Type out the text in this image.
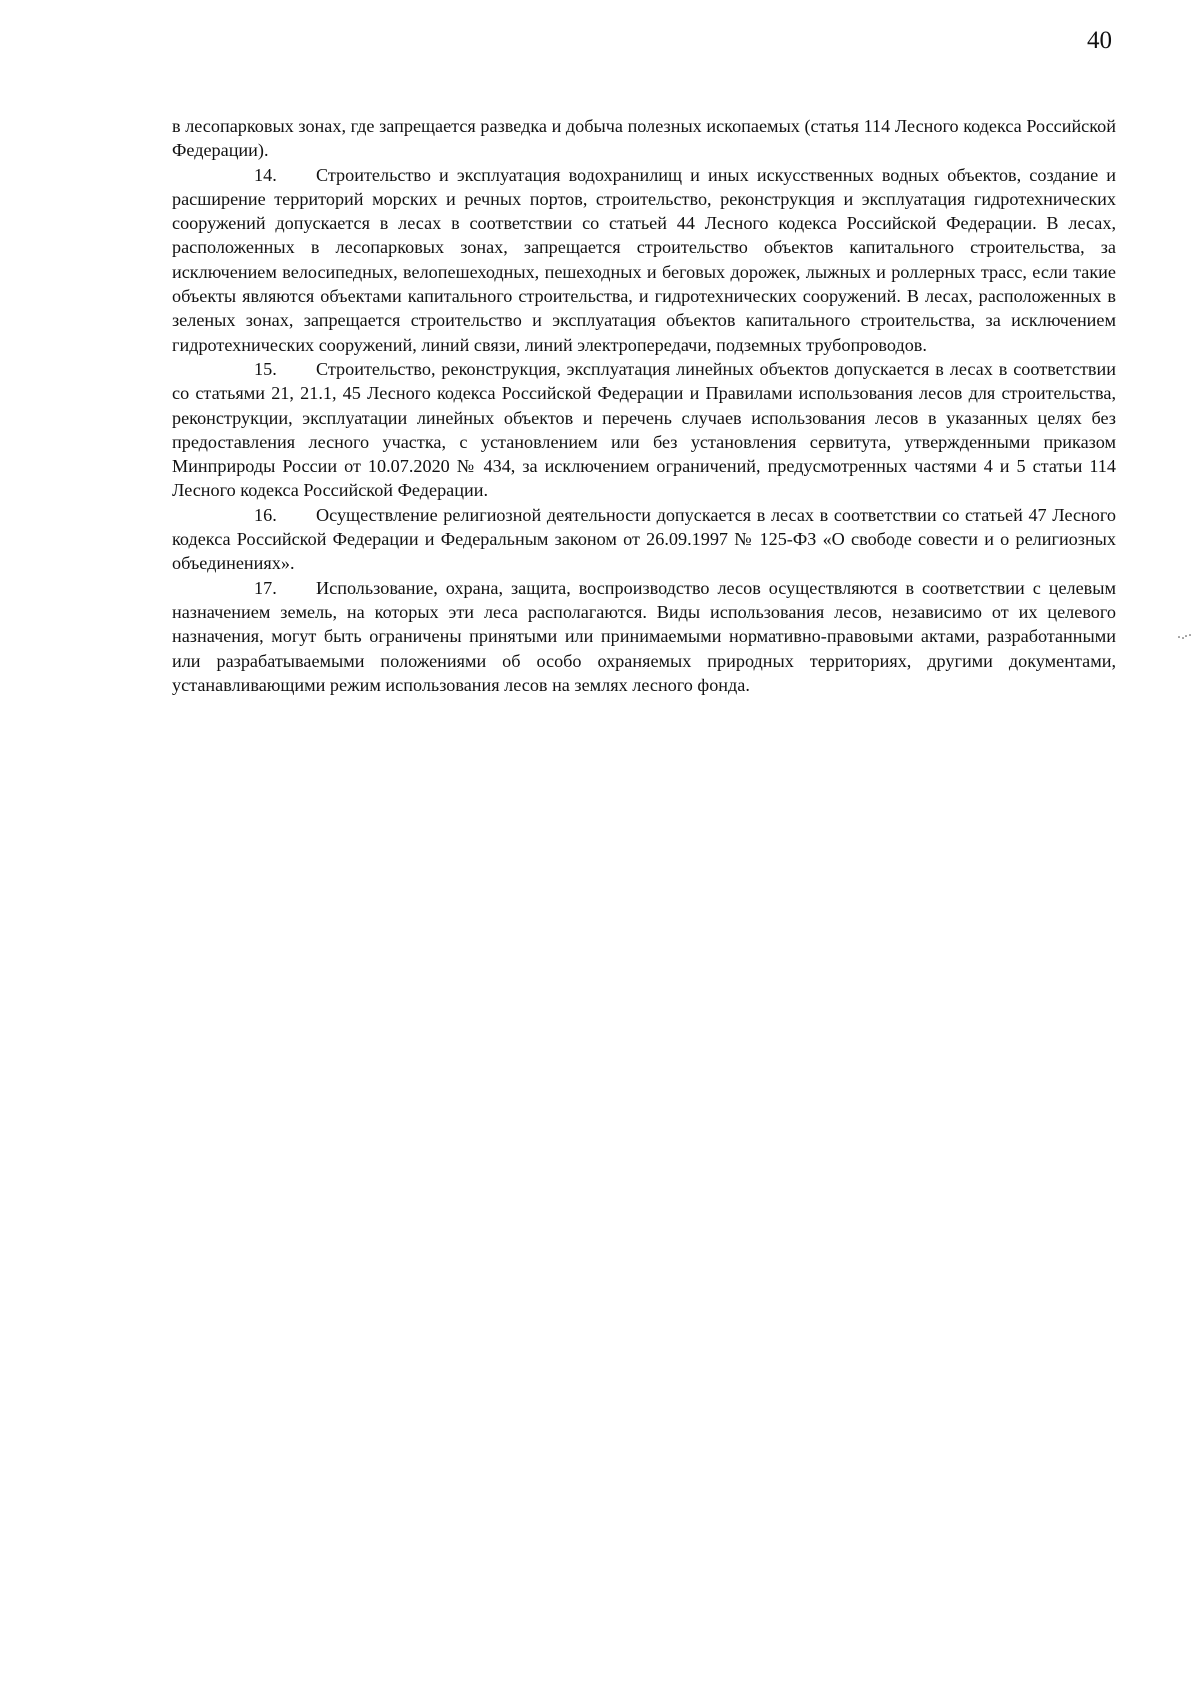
40

в лесопарковых зонах, где запрещается разведка и добыча полезных ископаемых (статья 114 Лесного кодекса Российской Федерации).

14. Строительство и эксплуатация водохранилищ и иных искусственных водных объектов, создание и расширение территорий морских и речных портов, строительство, реконструкция и эксплуатация гидротехнических сооружений допускается в лесах в соответствии со статьей 44 Лесного кодекса Российской Федерации. В лесах, расположенных в лесопарковых зонах, запрещается строительство объектов капитального строительства, за исключением велосипедных, велопешеходных, пешеходных и беговых дорожек, лыжных и роллерных трасс, если такие объекты являются объектами капитального строительства, и гидротехнических сооружений. В лесах, расположенных в зеленых зонах, запрещается строительство и эксплуатация объектов капитального строительства, за исключением гидротехнических сооружений, линий связи, линий электропередачи, подземных трубопроводов.

15. Строительство, реконструкция, эксплуатация линейных объектов допускается в лесах в соответствии со статьями 21, 21.1, 45 Лесного кодекса Российской Федерации и Правилами использования лесов для строительства, реконструкции, эксплуатации линейных объектов и перечень случаев использования лесов в указанных целях без предоставления лесного участка, с установлением или без установления сервитута, утвержденными приказом Минприроды России от 10.07.2020 № 434, за исключением ограничений, предусмотренных частями 4 и 5 статьи 114 Лесного кодекса Российской Федерации.

16. Осуществление религиозной деятельности допускается в лесах в соответствии со статьей 47 Лесного кодекса Российской Федерации и Федеральным законом от 26.09.1997 № 125-ФЗ «О свободе совести и о религиозных объединениях».

17. Использование, охрана, защита, воспроизводство лесов осуществляются в соответствии с целевым назначением земель, на которых эти леса располагаются. Виды использования лесов, независимо от их целевого назначения, могут быть ограничены принятыми или принимаемыми нормативно-правовыми актами, разработанными или разрабатываемыми положениями об особо охраняемых природных территориях, другими документами, устанавливающими режим использования лесов на землях лесного фонда.
